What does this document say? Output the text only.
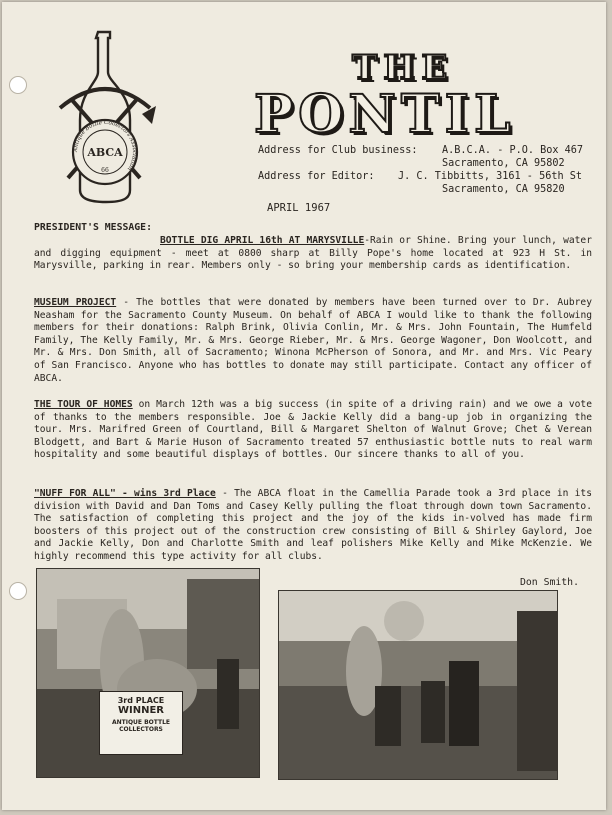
Antique Bottle Collectors Association
ABCA
66
THE
PONTIL
Address for Club business: A.B.C.A. - P.O. Box 467
Sacramento, CA 95802
Address for Editor: J. C. Tibbitts, 3161 - 56th St
Sacramento, CA 95820
APRIL 1967
PRESIDENT'S MESSAGE:
BOTTLE DIG APRIL 16th AT MARYSVILLE-Rain or Shine. Bring your lunch, water and digging equipment - meet at 0800 sharp at Billy Pope's home located at 923 H St. in Marysville, parking in rear. Members only - so bring your membership cards as identification.
MUSEUM PROJECT - The bottles that were donated by members have been turned over to Dr. Aubrey Neasham for the Sacramento County Museum. On behalf of ABCA I would like to thank the following members for their donations: Ralph Brink, Olivia Conlin, Mr. & Mrs. John Fountain, The Humfeld Family, The Kelly Family, Mr. & Mrs. George Rieber, Mr. & Mrs. George Wagoner, Don Woolcott, and Mr. & Mrs. Don Smith, all of Sacramento; Winona McPherson of Sonora, and Mr. and Mrs. Vic Peary of San Francisco. Anyone who has bottles to donate may still participate. Contact any officer of ABCA.
THE TOUR OF HOMES on March 12th was a big success (in spite of a driving rain) and we owe a vote of thanks to the members responsible. Joe & Jackie Kelly did a bang-up job in organizing the tour. Mrs. Marifred Green of Courtland, Bill & Margaret Shelton of Walnut Grove; Chet & Verean Blodgett, and Bart & Marie Huson of Sacramento treated 57 enthusiastic bottle nuts to real warm hospitality and some beautiful displays of bottles. Our sincere thanks to all of you.
"NUFF FOR ALL" - wins 3rd Place - The ABCA float in the Camellia Parade took a 3rd place in its division with David and Dan Toms and Casey Kelly pulling the float through down town Sacramento. The satisfaction of completing this project and the joy of the kids in-volved has made firm boosters of this project out of the construction crew consisting of Bill & Shirley Gaylord, Joe and Jackie Kelly, Don and Charlotte Smith and leaf polishers Mike Kelly and Mike McKenzie. We highly recommend this type activity for all clubs.
Don Smith.
3rd PLACE
WINNER
ANTIQUE BOTTLE
COLLECTORS
